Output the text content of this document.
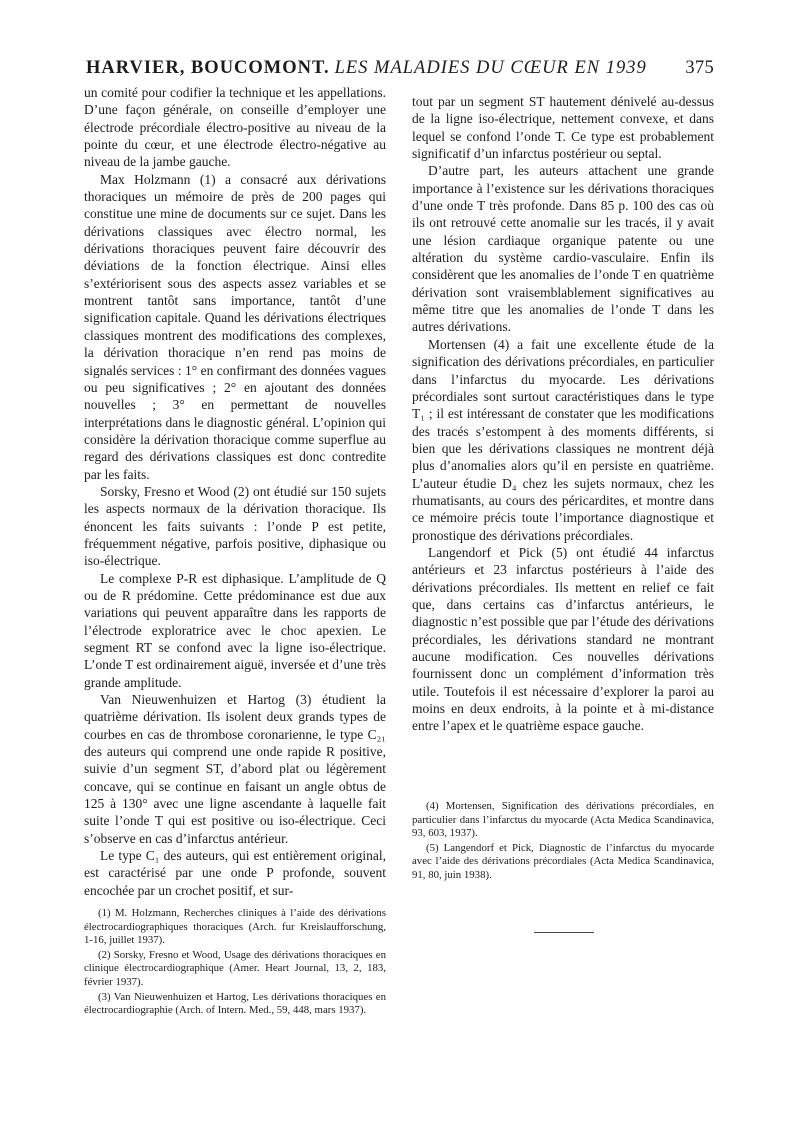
HARVIER, BOUCOMONT. LES MALADIES DU CŒUR EN 1939 375

un comité pour codifier la technique et les appellations. D’une façon générale, on conseille d’employer une électrode précordiale électro-positive au niveau de la pointe du cœur, et une électrode électro-négative au niveau de la jambe gauche.

Max Holzmann (1) a consacré aux dérivations thoraciques un mémoire de près de 200 pages qui constitue une mine de documents sur ce sujet. Dans les dérivations classiques avec électro normal, les dérivations thoraciques peuvent faire découvrir des déviations de la fonction électrique. Ainsi elles s’extériorisent sous des aspects assez variables et se montrent tantôt sans importance, tantôt d’une signification capitale. Quand les dérivations électriques classiques montrent des modifications des complexes, la dérivation thoracique n’en rend pas moins de signalés services : 1° en confirmant des données vagues ou peu significatives ; 2° en ajoutant des données nouvelles ; 3° en permettant de nouvelles interprétations dans le diagnostic général. L’opinion qui considère la dérivation thoracique comme superflue au regard des dérivations classiques est donc contredite par les faits.

Sorsky, Fresno et Wood (2) ont étudié sur 150 sujets les aspects normaux de la dérivation thoracique. Ils énoncent les faits suivants : l’onde P est petite, fréquemment négative, parfois positive, diphasique ou iso-électrique.

Le complexe P-R est diphasique. L’amplitude de Q ou de R prédomine. Cette prédominance est due aux variations qui peuvent apparaître dans les rapports de l’électrode exploratrice avec le choc apexien. Le segment RT se confond avec la ligne iso-électrique. L’onde T est ordinairement aiguë, inversée et d’une très grande amplitude.

Van Nieuwenhuizen et Hartog (3) étudient la quatrième dérivation. Ils isolent deux grands types de courbes en cas de thrombose coronarienne, le type C₂₁ des auteurs qui comprend une onde rapide R positive, suivie d’un segment ST, d’abord plat ou légèrement concave, qui se continue en faisant un angle obtus de 125 à 130° avec une ligne ascendante à laquelle fait suite l’onde T qui est positive ou iso-électrique. Ceci s’observe en cas d’infarctus antérieur.

Le type C₁ des auteurs, qui est entièrement original, est caractérisé par une onde P profonde, souvent encochée par un crochet positif, et sur-

tout par un segment ST hautement dénivelé au-dessus de la ligne iso-électrique, nettement convexe, et dans lequel se confond l’onde T. Ce type est probablement significatif d’un infarctus postérieur ou septal.

D’autre part, les auteurs attachent une grande importance à l’existence sur les dérivations thoraciques d’une onde T très profonde. Dans 85 p. 100 des cas où ils ont retrouvé cette anomalie sur les tracés, il y avait une lésion cardiaque organique patente ou une altération du système cardio-vasculaire. Enfin ils considèrent que les anomalies de l’onde T en quatrième dérivation sont vraisemblablement significatives au même titre que les anomalies de l’onde T dans les autres dérivations.

Mortensen (4) a fait une excellente étude de la signification des dérivations précordiales, en particulier dans l’infarctus du myocarde. Les dérivations précordiales sont surtout caractéristiques dans le type T₁ ; il est intéressant de constater que les modifications des tracés s’estompent à des moments différents, si bien que les dérivations classiques ne montrent déjà plus d’anomalies alors qu’il en persiste en quatrième. L’auteur étudie D₄ chez les sujets normaux, chez les rhumatisants, au cours des péricardites, et montre dans ce mémoire précis toute l’importance diagnostique et pronostique des dérivations précordiales.

Langendorf et Pick (5) ont étudié 44 infarctus antérieurs et 23 infarctus postérieurs à l’aide des dérivations précordiales. Ils mettent en relief ce fait que, dans certains cas d’infarctus antérieurs, le diagnostic n’est possible que par l’étude des dérivations précordiales, les dérivations standard ne montrant aucune modification. Ces nouvelles dérivations fournissent donc un complément d’information très utile. Toutefois il est nécessaire d’explorer la paroi au moins en deux endroits, à la pointe et à mi-distance entre l’apex et le quatrième espace gauche.

(4) Mortensen, Signification des dérivations précordiales, en particulier dans l’infarctus du myocarde (Acta Medica Scandinavica, 93, 603, 1937).

(5) Langendorf et Pick, Diagnostic de l’infarctus du myocarde avec l’aide des dérivations précordiales (Acta Medica Scandinavica, 91, 80, juin 1938).

(1) M. Holzmann, Recherches cliniques à l’aide des dérivations électrocardiographiques thoraciques (Arch. fur Kreislaufforschung, 1-16, juillet 1937).

(2) Sorsky, Fresno et Wood, Usage des dérivations thoraciques en clinique électrocardiographique (Amer. Heart Journal, 13, 2, 183, février 1937).

(3) Van Nieuwenhuizen et Hartog, Les dérivations thoraciques en électrocardiographie (Arch. of Intern. Med., 59, 448, mars 1937).
